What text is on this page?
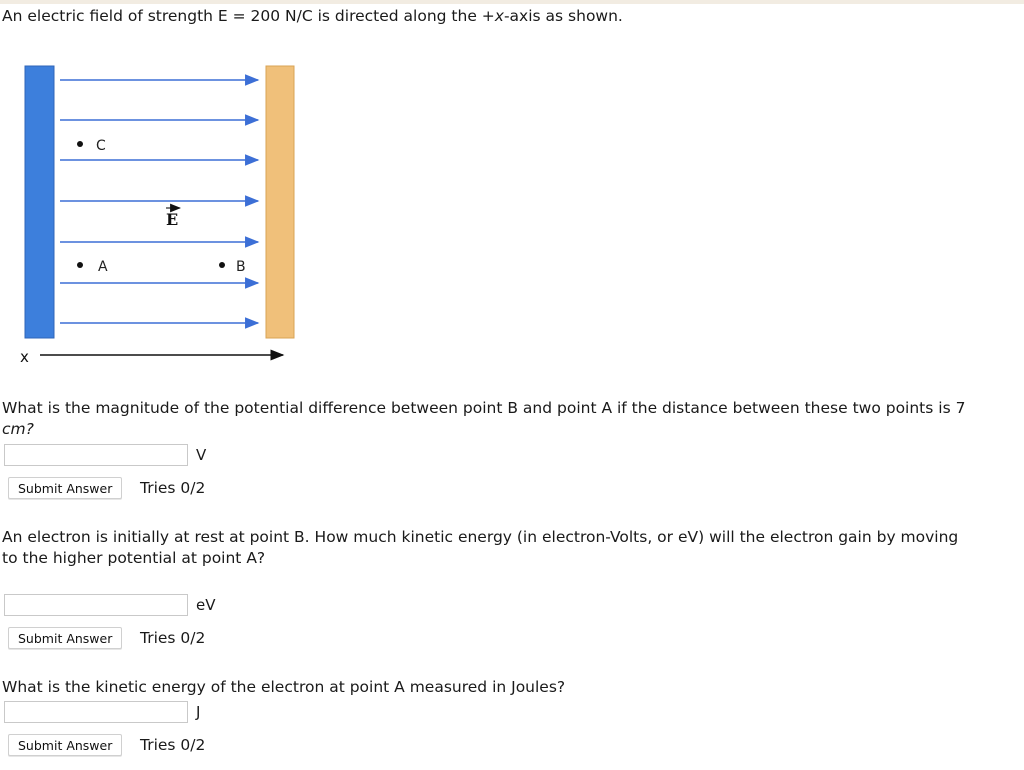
An electric field of strength E = 200 N/C is directed along the +x-axis as shown.

E
C
A	B
x

What is the magnitude of the potential difference between point B and point A if the distance between these two points is 7
cm?

V
Submit Answer	Tries 0/2

An electron is initially at rest at point B. How much kinetic energy (in electron-Volts, or eV) will the electron gain by moving
to the higher potential at point A?

eV
Submit Answer	Tries 0/2

What is the kinetic energy of the electron at point A measured in Joules?

J
Submit Answer	Tries 0/2
